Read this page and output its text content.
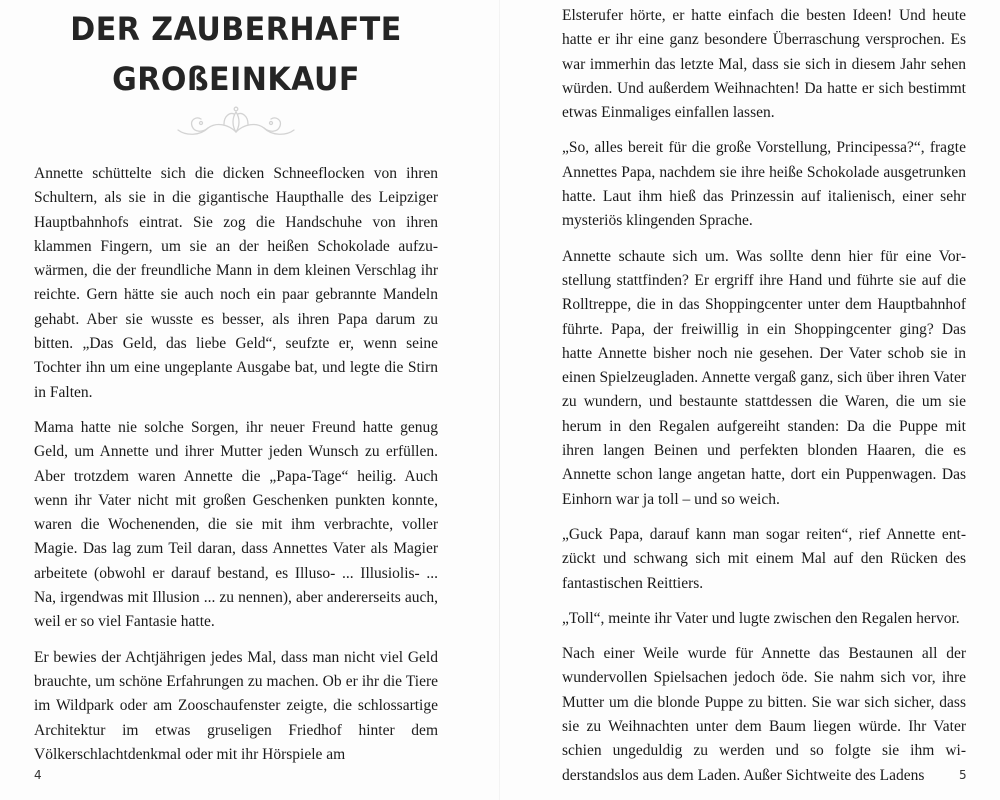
DER ZAUBERHAFTE
GROßEINKAUF

Annette schüttelte sich die dicken Schneeflocken von ihren Schultern, als sie in die gigantische Haupthalle des Leipziger Hauptbahnhofs eintrat. Sie zog die Handschuhe von ihren klammen Fingern, um sie an der heißen Schokolade aufzuwärmen, die der freundliche Mann in dem kleinen Verschlag ihr reichte. Gern hätte sie auch noch ein paar gebrannte Mandeln gehabt. Aber sie wusste es besser, als ihren Papa darum zu bitten. „Das Geld, das liebe Geld“, seufzte er, wenn seine Tochter ihn um eine ungeplante Ausgabe bat, und legte die Stirn in Falten.

Mama hatte nie solche Sorgen, ihr neuer Freund hatte genug Geld, um Annette und ihrer Mutter jeden Wunsch zu erfüllen. Aber trotzdem waren Annette die „Papa-Tage“ heilig. Auch wenn ihr Vater nicht mit großen Geschenken punkten konnte, waren die Wochenenden, die sie mit ihm verbrachte, voller Magie. Das lag zum Teil daran, dass Annettes Vater als Magier arbeitete (obwohl er darauf bestand, es Illuso- ... Illusiolis- ... Na, irgendwas mit Illusion ... zu nennen), aber andererseits auch, weil er so viel Fantasie hatte.

Er bewies der Achtjährigen jedes Mal, dass man nicht viel Geld brauchte, um schöne Erfahrungen zu machen. Ob er ihr die Tiere im Wildpark oder am Zooschaufenster zeigte, die schlossartige Architektur im etwas gruseligen Friedhof hinter dem Völkerschlachtdenkmal oder mit ihr Hörspiele am

4

Elsterufer hörte, er hatte einfach die besten Ideen! Und heute hatte er ihr eine ganz besondere Überraschung versprochen. Es war immerhin das letzte Mal, dass sie sich in diesem Jahr sehen würden. Und außerdem Weihnachten! Da hatte er sich bestimmt etwas Einmaliges einfallen lassen.

„So, alles bereit für die große Vorstellung, Principessa?“, fragte Annettes Papa, nachdem sie ihre heiße Schokolade ausgetrunken hatte. Laut ihm hieß das Prinzessin auf italienisch, einer sehr mysteriös klingenden Sprache.

Annette schaute sich um. Was sollte denn hier für eine Vorstellung stattfinden? Er ergriff ihre Hand und führte sie auf die Rolltreppe, die in das Shoppingcenter unter dem Hauptbahnhof führte. Papa, der freiwillig in ein Shoppingcenter ging? Das hatte Annette bisher noch nie gesehen. Der Vater schob sie in einen Spielzeugladen. Annette vergaß ganz, sich über ihren Vater zu wundern, und bestaunte stattdessen die Waren, die um sie herum in den Regalen aufgereiht standen: Da die Puppe mit ihren langen Beinen und perfekten blonden Haaren, die es Annette schon lange angetan hatte, dort ein Puppenwagen. Das Einhorn war ja toll – und so weich.

„Guck Papa, darauf kann man sogar reiten“, rief Annette entzückt und schwang sich mit einem Mal auf den Rücken des fantastischen Reittiers.

„Toll“, meinte ihr Vater und lugte zwischen den Regalen hervor.

Nach einer Weile wurde für Annette das Bestaunen all der wundervollen Spielsachen jedoch öde. Sie nahm sich vor, ihre Mutter um die blonde Puppe zu bitten. Sie war sich sicher, dass sie zu Weihnachten unter dem Baum liegen würde. Ihr Vater schien ungeduldig zu werden und so folgte sie ihm widerstandslos aus dem Laden. Außer Sichtweite des Ladens	5
